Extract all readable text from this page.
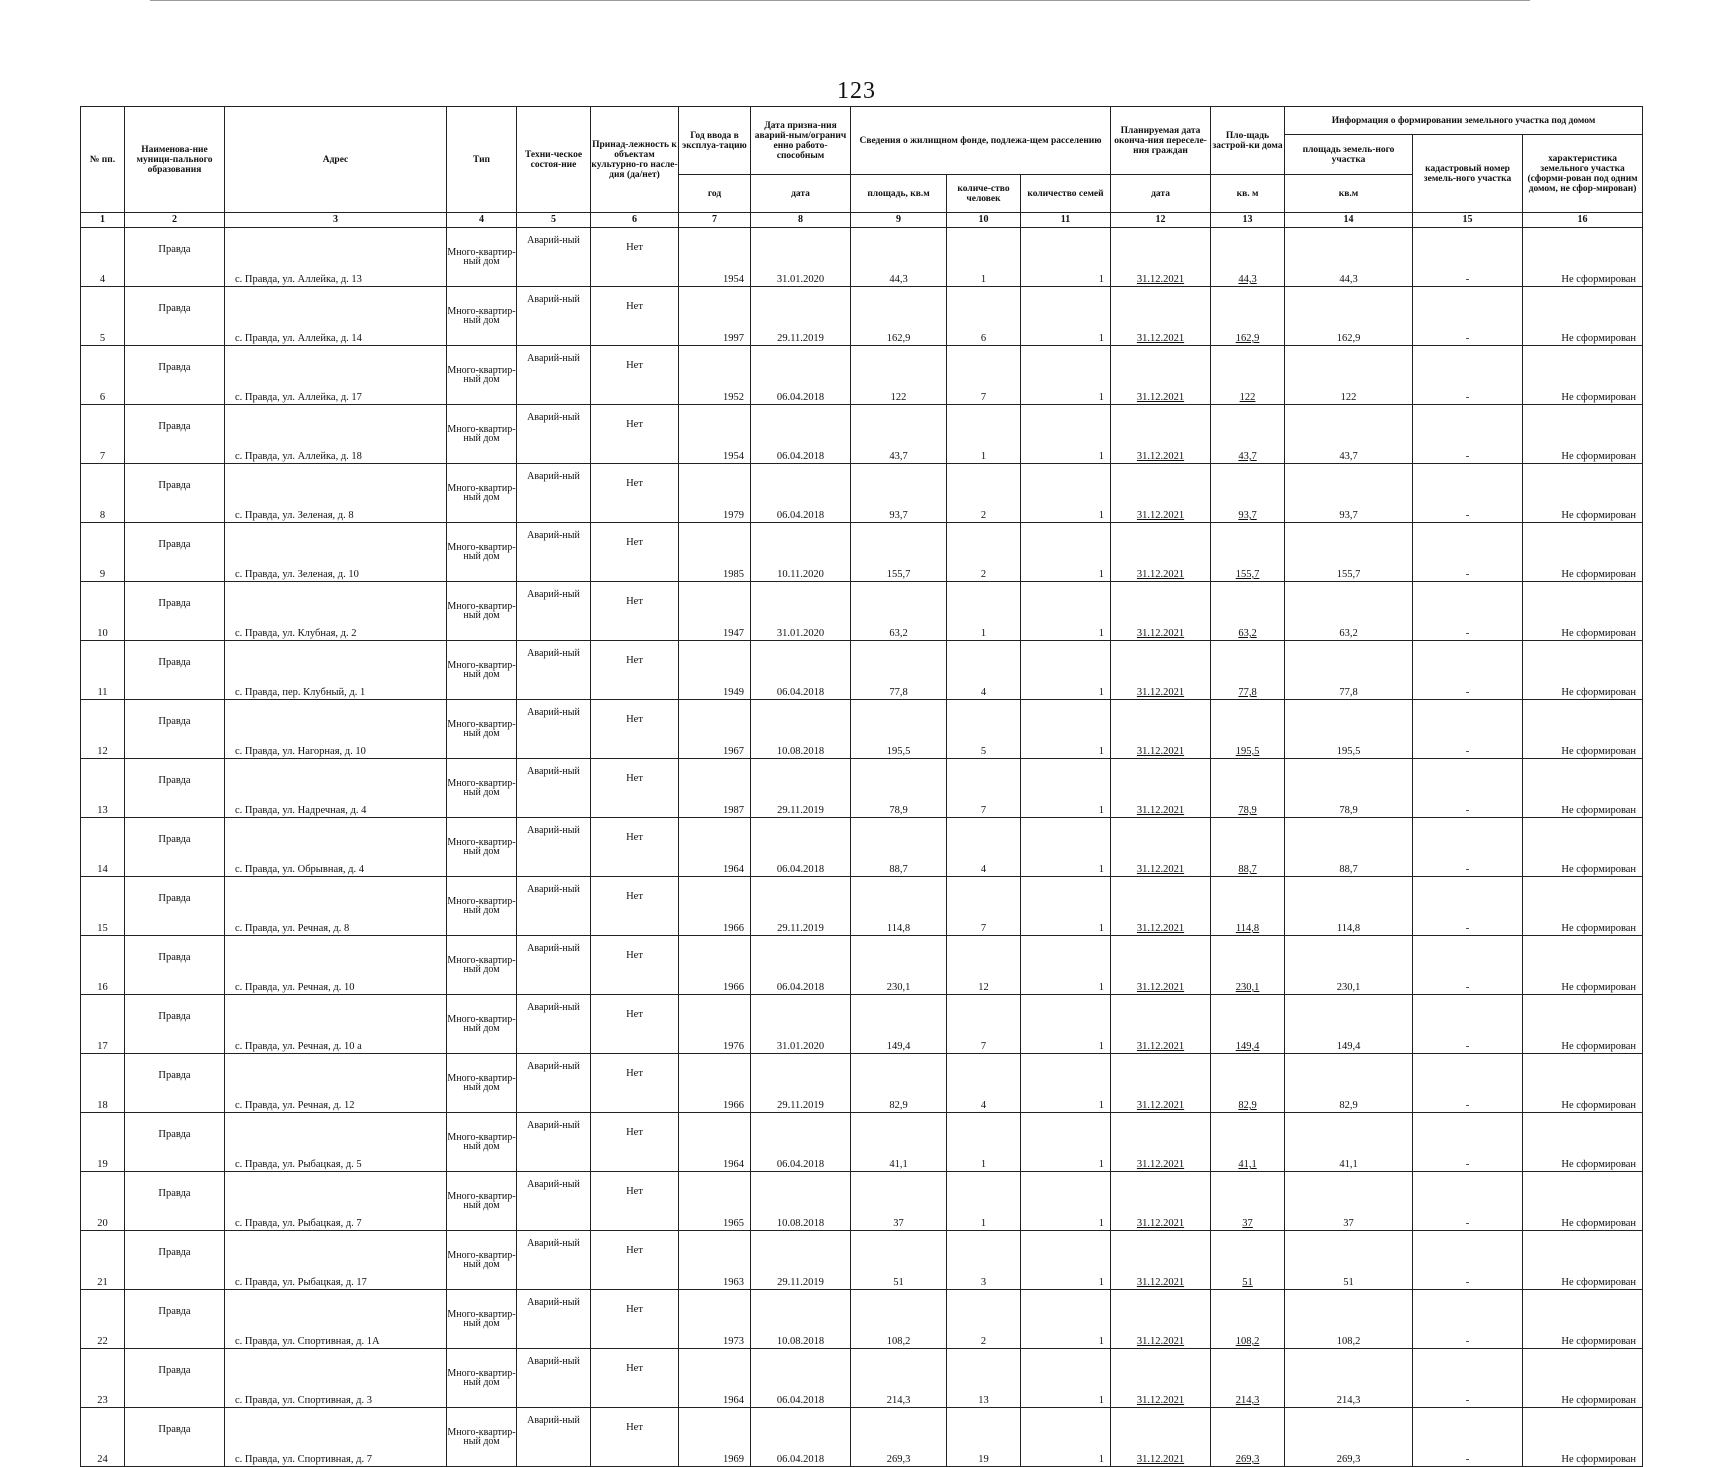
123
№ пп.	Наименова-ние муници-пального образования	Адрес	Тип	Техни-ческое состоя-ние	Принад-лежность к объектам культурно-го насле-дия (да/нет)	Год ввода в эксплуа-тацию	Дата призна-ния аварий-ным/огранич енно работо-способным	Сведения о жилищном фонде, подлежа-щем расселению			Планируемая дата оконча-ния переселе-ния граждан	Пло-щадь застрой-ки дома	Информация о формировании земельного участка под домом		
													площадь земель-ного участка	кадастровый номер земель-ного участка	характеристика земельного участка (сформи-рован под одним домом, не сфор-мирован)
						год	дата	площадь, кв.м	количе-ство человек	количество семей	дата	кв. м	кв.м		
1	2	3	4	5	6	7	8	9	10	11	12	13	14	15	16
4	Правда	с. Правда, ул. Аллейка, д. 13	Много-квартир-ный дом	Аварий-ный	Нет	1954	31.01.2020	44,3	1	1	31.12.2021	44,3	44,3	-	Не сформирован
5	Правда	с. Правда, ул. Аллейка, д. 14	Много-квартир-ный дом	Аварий-ный	Нет	1997	29.11.2019	162,9	6	1	31.12.2021	162,9	162,9	-	Не сформирован
6	Правда	с. Правда, ул. Аллейка, д. 17	Много-квартир-ный дом	Аварий-ный	Нет	1952	06.04.2018	122	7	1	31.12.2021	122	122	-	Не сформирован
7	Правда	с. Правда, ул. Аллейка, д. 18	Много-квартир-ный дом	Аварий-ный	Нет	1954	06.04.2018	43,7	1	1	31.12.2021	43,7	43,7	-	Не сформирован
8	Правда	с. Правда, ул. Зеленая, д. 8	Много-квартир-ный дом	Аварий-ный	Нет	1979	06.04.2018	93,7	2	1	31.12.2021	93,7	93,7	-	Не сформирован
9	Правда	с. Правда, ул. Зеленая, д. 10	Много-квартир-ный дом	Аварий-ный	Нет	1985	10.11.2020	155,7	2	1	31.12.2021	155,7	155,7	-	Не сформирован
10	Правда	с. Правда, ул. Клубная, д. 2	Много-квартир-ный дом	Аварий-ный	Нет	1947	31.01.2020	63,2	1	1	31.12.2021	63,2	63,2	-	Не сформирован
11	Правда	с. Правда, пер. Клубный, д. 1	Много-квартир-ный дом	Аварий-ный	Нет	1949	06.04.2018	77,8	4	1	31.12.2021	77,8	77,8	-	Не сформирован
12	Правда	с. Правда, ул. Нагорная, д. 10	Много-квартир-ный дом	Аварий-ный	Нет	1967	10.08.2018	195,5	5	1	31.12.2021	195,5	195,5	-	Не сформирован
13	Правда	с. Правда, ул. Надречная, д. 4	Много-квартир-ный дом	Аварий-ный	Нет	1987	29.11.2019	78,9	7	1	31.12.2021	78,9	78,9	-	Не сформирован
14	Правда	с. Правда, ул. Обрывная, д. 4	Много-квартир-ный дом	Аварий-ный	Нет	1964	06.04.2018	88,7	4	1	31.12.2021	88,7	88,7	-	Не сформирован
15	Правда	с. Правда, ул. Речная, д. 8	Много-квартир-ный дом	Аварий-ный	Нет	1966	29.11.2019	114,8	7	1	31.12.2021	114,8	114,8	-	Не сформирован
16	Правда	с. Правда, ул. Речная, д. 10	Много-квартир-ный дом	Аварий-ный	Нет	1966	06.04.2018	230,1	12	1	31.12.2021	230,1	230,1	-	Не сформирован
17	Правда	с. Правда, ул. Речная, д. 10 а	Много-квартир-ный дом	Аварий-ный	Нет	1976	31.01.2020	149,4	7	1	31.12.2021	149,4	149,4	-	Не сформирован
18	Правда	с. Правда, ул. Речная, д. 12	Много-квартир-ный дом	Аварий-ный	Нет	1966	29.11.2019	82,9	4	1	31.12.2021	82,9	82,9	-	Не сформирован
19	Правда	с. Правда, ул. Рыбацкая, д. 5	Много-квартир-ный дом	Аварий-ный	Нет	1964	06.04.2018	41,1	1	1	31.12.2021	41,1	41,1	-	Не сформирован
20	Правда	с. Правда, ул. Рыбацкая, д. 7	Много-квартир-ный дом	Аварий-ный	Нет	1965	10.08.2018	37	1	1	31.12.2021	37	37	-	Не сформирован
21	Правда	с. Правда, ул. Рыбацкая, д. 17	Много-квартир-ный дом	Аварий-ный	Нет	1963	29.11.2019	51	3	1	31.12.2021	51	51	-	Не сформирован
22	Правда	с. Правда, ул. Спортивная, д. 1А	Много-квартир-ный дом	Аварий-ный	Нет	1973	10.08.2018	108,2	2	1	31.12.2021	108,2	108,2	-	Не сформирован
23	Правда	с. Правда, ул. Спортивная, д. 3	Много-квартир-ный дом	Аварий-ный	Нет	1964	06.04.2018	214,3	13	1	31.12.2021	214,3	214,3	-	Не сформирован
24	Правда	с. Правда, ул. Спортивная, д. 7	Много-квартир-ный дом	Аварий-ный	Нет	1969	06.04.2018	269,3	19	1	31.12.2021	269,3	269,3	-	Не сформирован
